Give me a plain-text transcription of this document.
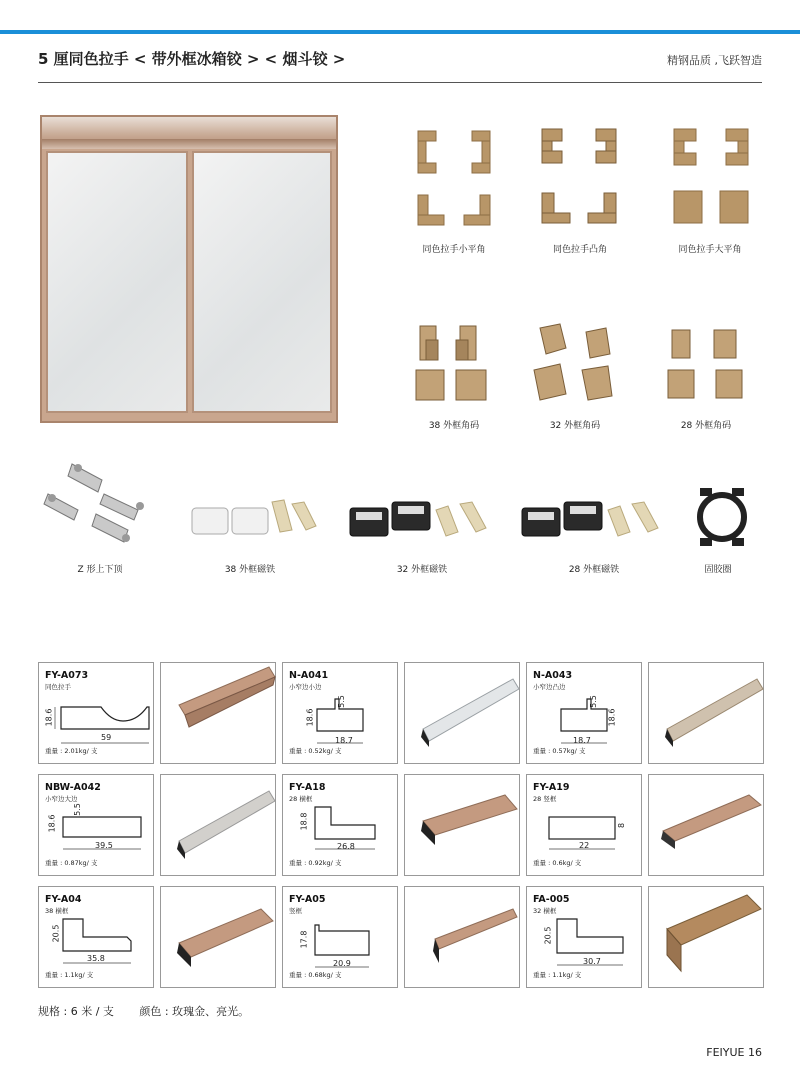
5 厘同色拉手 < 带外框冰箱铰 > < 烟斗铰 >	精钢品质 ,飞跃智造
同色拉手小平角	同色拉手凸角	同色拉手大平角
38 外框角码	32 外框角码	28 外框角码
Z 形上下顶	38 外框磁铁	32 外框磁铁	28 外框磁铁	固胶圈
FY-A073
同色拉手
59
18.6
重量 : 2.01kg/ 支
N-A041
小窄边小边
18.7
18.6
5.5
重量 : 0.52kg/ 支
N-A043
小窄边凸边
18.7
5.5
18.6
重量 : 0.57kg/ 支
NBW-A042
小窄边大边
39.5
18.6
5.5
重量 : 0.87kg/ 支
FY-A18
28 横框
26.8
18.8
重量 : 0.92kg/ 支
FY-A19
28 竖框
22
8
重量 : 0.6kg/ 支
FY-A04
38 横框
35.8
20.5
重量 : 1.1kg/ 支
FY-A05
竖框
20.9
17.8
重量 : 0.68kg/ 支
FA-005
32 横框
30.7
20.5
重量 : 1.1kg/ 支
规格 : 6 米 / 支 颜色 : 玫瑰金、亮光。
FEIYUE 16
